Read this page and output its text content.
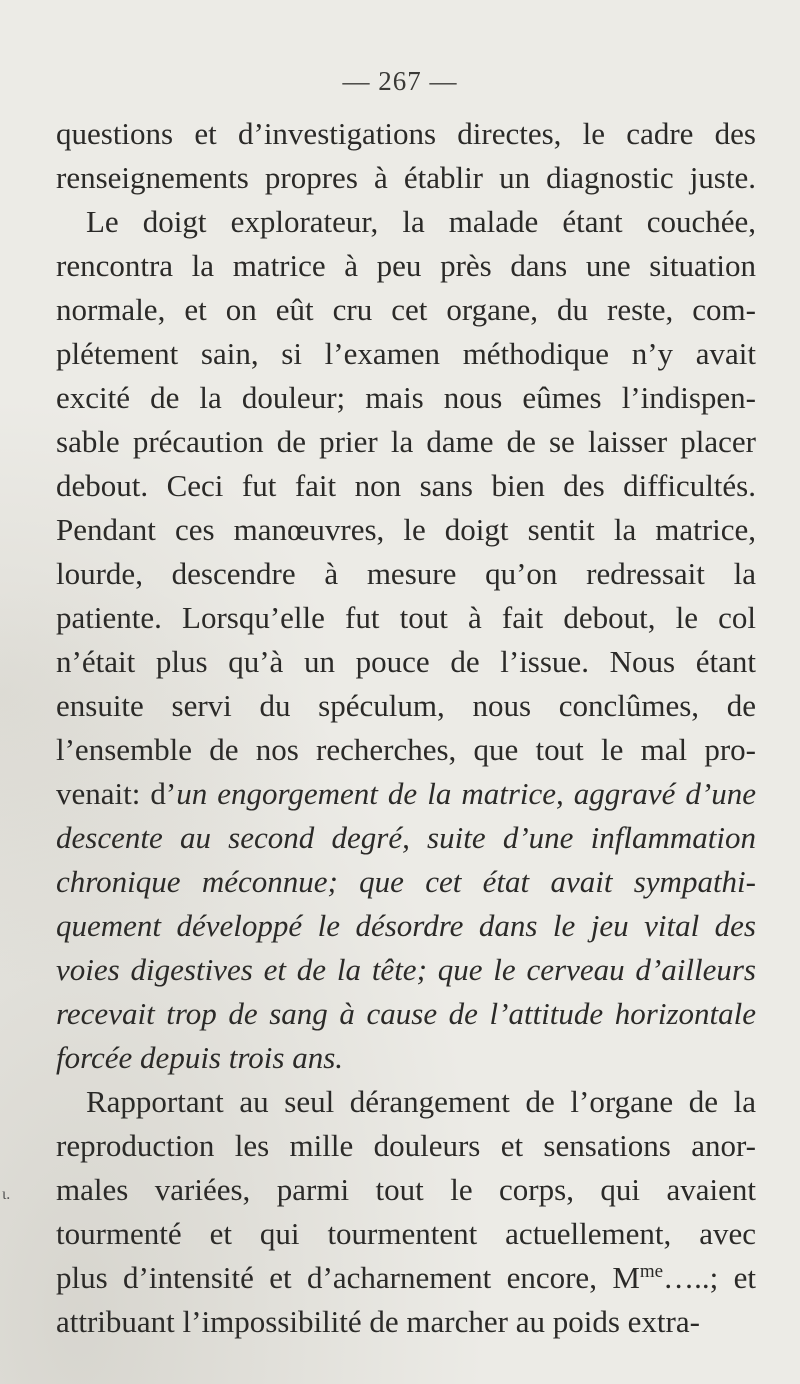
— 267 —
questions et d’investigations directes, le cadre des
renseignements propres à établir un diagnostic juste.
Le doigt explorateur, la malade étant couchée,
rencontra la matrice à peu près dans une situation
normale, et on eût cru cet organe, du reste, com-
plétement sain, si l’examen méthodique n’y avait
excité de la douleur; mais nous eûmes l’indispen-
sable précaution de prier la dame de se laisser placer
debout. Ceci fut fait non sans bien des difficultés.
Pendant ces manœuvres, le doigt sentit la matrice,
lourde, descendre à mesure qu’on redressait la
patiente. Lorsqu’elle fut tout à fait debout, le col
n’était plus qu’à un pouce de l’issue. Nous étant
ensuite servi du spéculum, nous conclûmes, de
l’ensemble de nos recherches, que tout le mal pro-
venait: d’un engorgement de la matrice, aggravé d’une
descente au second degré, suite d’une inflammation
chronique méconnue; que cet état avait sympathi-
quement développé le désordre dans le jeu vital des
voies digestives et de la tête; que le cerveau d’ailleurs
recevait trop de sang à cause de l’attitude horizontale
forcée depuis trois ans.
Rapportant au seul dérangement de l’organe de la
reproduction les mille douleurs et sensations anor-
males variées, parmi tout le corps, qui avaient
tourmenté et qui tourmentent actuellement, avec
plus d’intensité et d’acharnement encore, $M^{me}\dots$..; et
attribuant l’impossibilité de marcher au poids extra-
ι.
